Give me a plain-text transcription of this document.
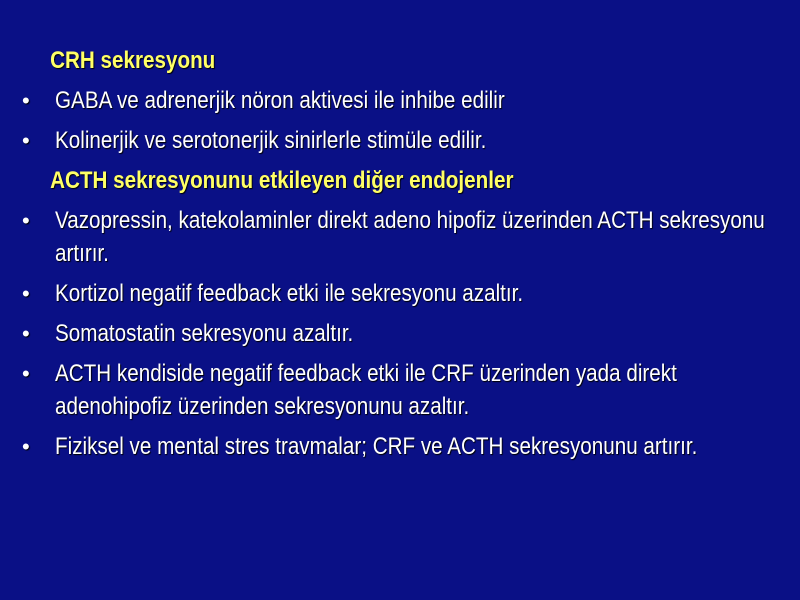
CRH sekresyonu
• GABA ve adrenerjik nöron aktivesi ile inhibe edilir
• Kolinerjik ve serotonerjik sinirlerle stimüle edilir.
ACTH sekresyonunu etkileyen diğer endojenler
• Vazopressin, katekolaminler direkt adeno hipofiz üzerinden ACTH sekresyonu artırır.
• Kortizol negatif feedback etki ile sekresyonu azaltır.
• Somatostatin sekresyonu azaltır.
• ACTH kendiside negatif feedback etki ile CRF üzerinden yada direkt adenohipofiz üzerinden sekresyonunu azaltır.
• Fiziksel ve mental stres travmalar; CRF ve ACTH sekresyonunu artırır.
